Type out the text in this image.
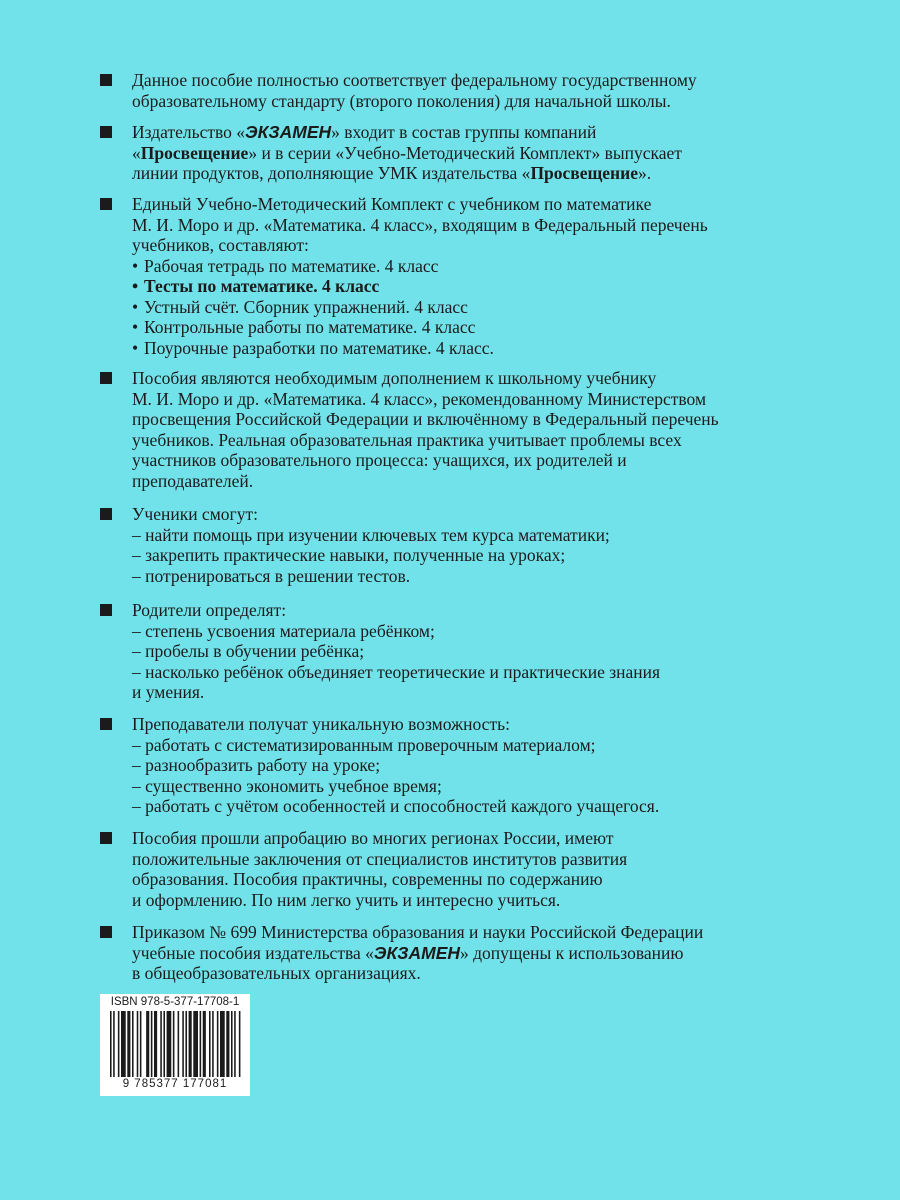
Данное пособие полностью соответствует федеральному государственному
образовательному стандарту (второго поколения) для начальной школы.
Издательство «ЭКЗАМЕН» входит в состав группы компаний
«Просвещение» и в серии «Учебно-Методический Комплект» выпускает
линии продуктов, дополняющие УМК издательства «Просвещение».
Единый Учебно-Методический Комплект с учебником по математике
М. И. Моро и др. «Математика. 4 класс», входящим в Федеральный перечень
учебников, составляют:
• Рабочая тетрадь по математике. 4 класс
• Тесты по математике. 4 класс
• Устный счёт. Сборник упражнений. 4 класс
• Контрольные работы по математике. 4 класс
• Поурочные разработки по математике. 4 класс.
Пособия являются необходимым дополнением к школьному учебнику
М. И. Моро и др. «Математика. 4 класс», рекомендованному Министерством
просвещения Российской Федерации и включённому в Федеральный перечень
учебников. Реальная образовательная практика учитывает проблемы всех
участников образовательного процесса: учащихся, их родителей и
преподавателей.
Ученики смогут:
– найти помощь при изучении ключевых тем курса математики;
– закрепить практические навыки, полученные на уроках;
– потренироваться в решении тестов.
Родители определят:
– степень усвоения материала ребёнком;
– пробелы в обучении ребёнка;
– насколько ребёнок объединяет теоретические и практические знания
и умения.
Преподаватели получат уникальную возможность:
– работать с систематизированным проверочным материалом;
– разнообразить работу на уроке;
– существенно экономить учебное время;
– работать с учётом особенностей и способностей каждого учащегося.
Пособия прошли апробацию во многих регионах России, имеют
положительные заключения от специалистов институтов развития
образования. Пособия практичны, современны по содержанию
и оформлению. По ним легко учить и интересно учиться.
Приказом № 699 Министерства образования и науки Российской Федерации
учебные пособия издательства «ЭКЗАМЕН» допущены к использованию
в общеобразовательных организациях.
ISBN 978-5-377-17708-1
9 785377 177081
